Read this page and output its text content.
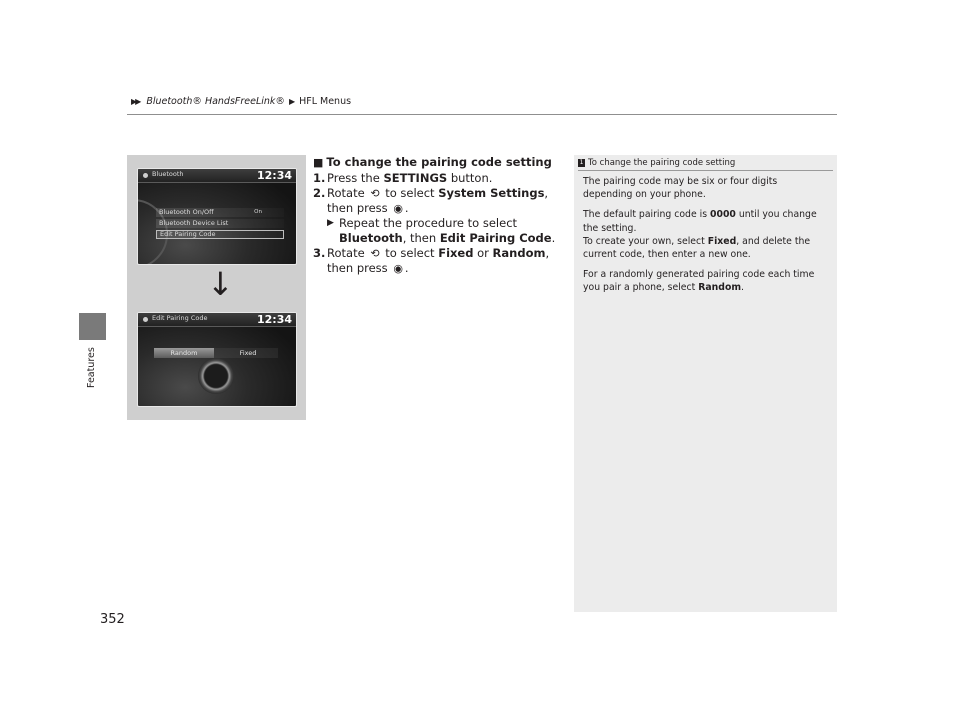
▶▶ Bluetooth® HandsFreeLink® ▶ HFL Menus
Features
352
Bluetooth	12:34
Bluetooth On/Off	On
Bluetooth Device List
Edit Pairing Code
↓
Edit Pairing Code	12:34
Random	Fixed
■ To change the pairing code setting
1. Press the SETTINGS button.
2. Rotate ⟲ to select System Settings, then press ◉ .
▶ Repeat the procedure to select Bluetooth, then Edit Pairing Code.
3. Rotate ⟲ to select Fixed or Random, then press ◉ .
1 To change the pairing code setting

The pairing code may be six or four digits depending on your phone.

The default pairing code is 0000 until you change the setting.
To create your own, select Fixed, and delete the current code, then enter a new one.

For a randomly generated pairing code each time you pair a phone, select Random.
